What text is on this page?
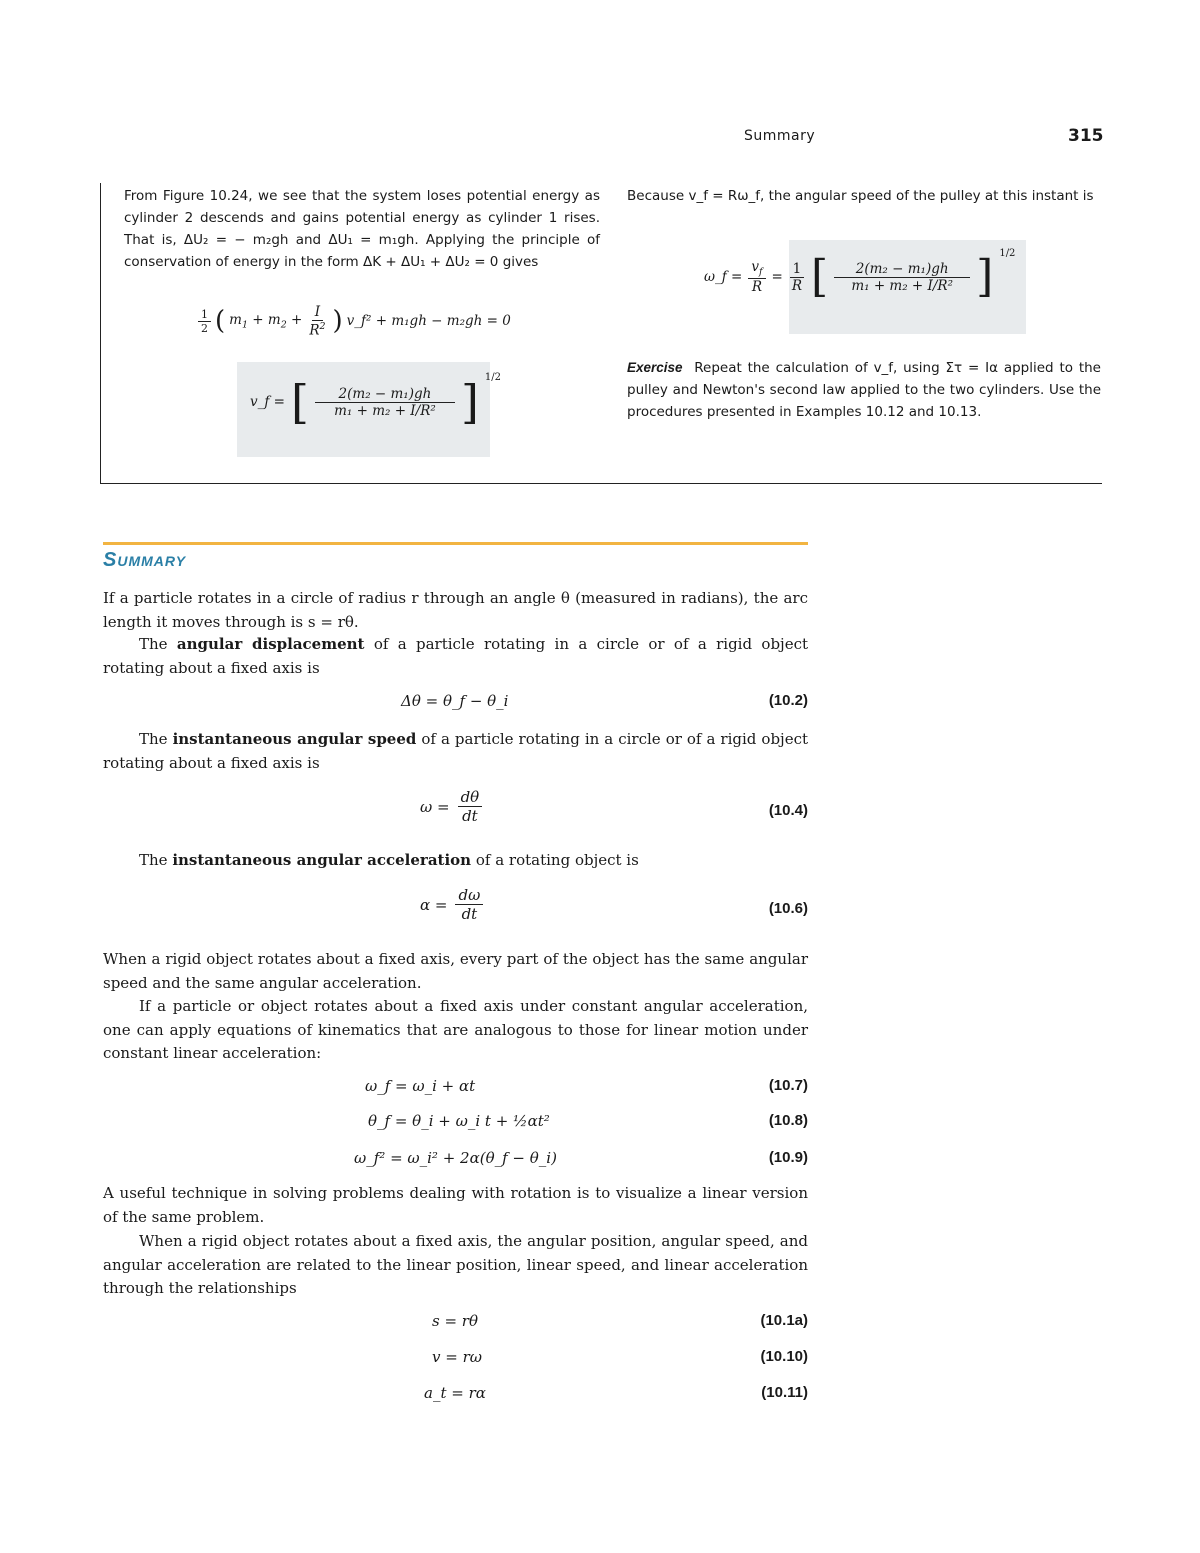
Summary	315
From Figure 10.24, we see that the system loses potential energy as cylinder 2 descends and gains potential energy as cylinder 1 rises. That is, ΔU₂ = − m₂gh and ΔU₁ = m₁gh. Applying the principle of conservation of energy in the form ΔK + ΔU₁ + ΔU₂ = 0 gives
$\frac{1}{2}$ ( $m_1 + m_2 + \frac{I}{R^2}$ ) v_f² + m₁gh − m₂gh = 0
v_f = [ $\frac{\text{2(m₂ − m₁)gh}}{\text{m₁ + m₂ + I/R²}}$ ] 1/2
Because v_f = Rω_f, the angular speed of the pulley at this instant is
ω_f = $\frac{v_f}{R} = \frac{1}{R}$ [ $\frac{\text{2(m₂ − m₁)gh}}{\text{m₁ + m₂ + I/R²}}$ ] 1/2
Exercise Repeat the calculation of v_f, using Στ = Iα applied to the pulley and Newton's second law applied to the two cylinders. Use the procedures presented in Examples 10.12 and 10.13.
Summary
If a particle rotates in a circle of radius r through an angle θ (measured in radians), the arc length it moves through is s = rθ.
The angular displacement of a particle rotating in a circle or of a rigid object rotating about a fixed axis is
Δθ = θ_f − θ_i	(10.2)
The instantaneous angular speed of a particle rotating in a circle or of a rigid object rotating about a fixed axis is
$\omega = \frac{d\theta}{dt}$	(10.4)
The instantaneous angular acceleration of a rotating object is
$\alpha = \frac{d\omega}{dt}$	(10.6)
When a rigid object rotates about a fixed axis, every part of the object has the same angular speed and the same angular acceleration.
If a particle or object rotates about a fixed axis under constant angular acceleration, one can apply equations of kinematics that are analogous to those for linear motion under constant linear acceleration:
ω_f = ω_i + αt	(10.7)
θ_f = θ_i + ω_i t + ½αt²	(10.8)
ω_f² = ω_i² + 2α(θ_f − θ_i)	(10.9)
A useful technique in solving problems dealing with rotation is to visualize a linear version of the same problem.
When a rigid object rotates about a fixed axis, the angular position, angular speed, and angular acceleration are related to the linear position, linear speed, and linear acceleration through the relationships
s = rθ	(10.1a)
v = rω	(10.10)
a_t = rα	(10.11)
